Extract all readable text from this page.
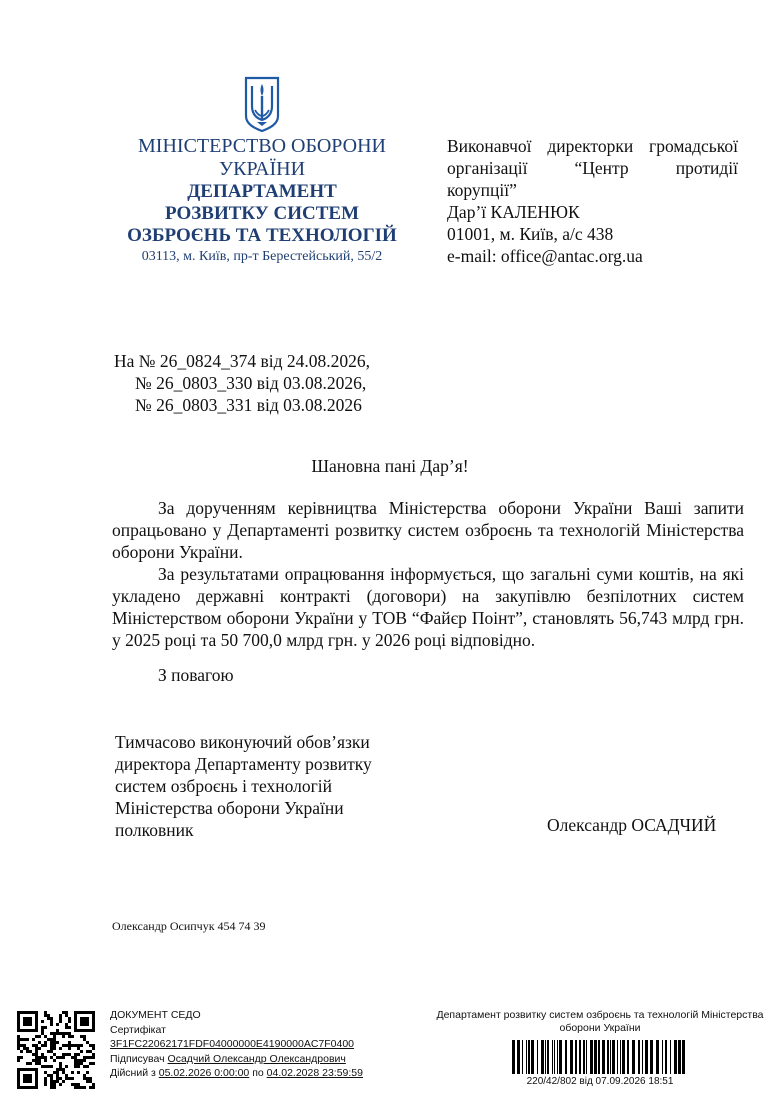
МІНІСТЕРСТВО ОБОРОНИ
УКРАЇНИ
ДЕПАРТАМЕНТ
РОЗВИТКУ СИСТЕМ
ОЗБРОЄНЬ ТА ТЕХНОЛОГІЙ
03113, м. Київ, пр-т Берестейський, 55/2
Виконавчої директорки громадської
організації “Центр протидії
корупції”
Дар’ї КАЛЕНЮК
01001, м. Київ, а/с 438
e-mail: office@antac.org.ua
На № 26_0824_374 від 24.08.2026,
№ 26_0803_330 від 03.08.2026,
№ 26_0803_331 від 03.08.2026
Шановна пані Дар’я!

За дорученням керівництва Міністерства оборони України Ваші запити опрацьовано у Департаменті розвитку систем озброєнь та технологій Міністерства оборони України.

За результатами опрацювання інформується, що загальні суми коштів, на які укладено державні контракті (договори) на закупівлю безпілотних систем Міністерством оборони України у ТОВ “Файєр Поінт”, становлять 56,743 млрд грн. у 2025 році та 50 700,0 млрд грн. у 2026 році відповідно.

З повагою
Тимчасово виконуючий обов’язки
директора Департаменту розвитку
систем озброєнь і технологій
Міністерства оборони України
полковник	Олександр ОСАДЧИЙ
Олександр Осипчук 454 74 39
ДОКУМЕНТ СЕДО
Сертифікат
3F1FC22062171FDF04000000E4190000AC7F0400
Підписувач Осадчий Олександр Олександрович
Дійсний з 05.02.2026 0:00:00 по 04.02.2028 23:59:59
Департамент розвитку систем озброєнь та технологій Міністерства оборони України
220/42/802 від 07.09.2026 18:51
